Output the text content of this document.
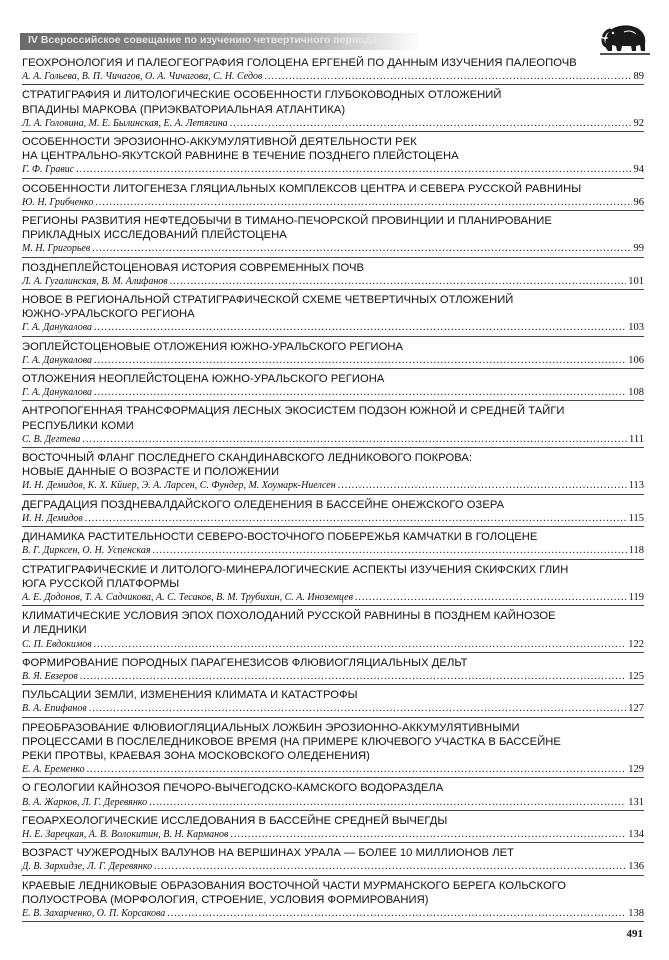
IV Всероссийское совещание по изучению четвертичного периода
ГЕОХРОНОЛОГИЯ И ПАЛЕОГЕОГРАФИЯ ГОЛОЦЕНА ЕРГЕНЕЙ ПО ДАННЫМ ИЗУЧЕНИЯ ПАЛЕОПОЧВ
А. А. Гольева, В. П. Чичагов, О. А. Чичагова, С. Н. Седов .....	89
СТРАТИГРАФИЯ И ЛИТОЛОГИЧЕСКИЕ ОСОБЕННОСТИ ГЛУБОКОВОДНЫХ ОТЛОЖЕНИЙ
ВПАДИНЫ МАРКОВА (ПРИЭКВАТОРИАЛЬНАЯ АТЛАНТИКА)
Л. А. Головина, М. Е. Былинская, Е. А. Летягина .....	92
ОСОБЕННОСТИ ЭРОЗИОННО-АККУМУЛЯТИВНОЙ ДЕЯТЕЛЬНОСТИ РЕК
НА ЦЕНТРАЛЬНО-ЯКУТСКОЙ РАВНИНЕ В ТЕЧЕНИЕ ПОЗДНЕГО ПЛЕЙСТОЦЕНА
Г. Ф. Гравис .....	94
ОСОБЕННОСТИ ЛИТОГЕНЕЗА ГЛЯЦИАЛЬНЫХ КОМПЛЕКСОВ ЦЕНТРА И СЕВЕРА РУССКОЙ РАВНИНЫ
Ю. Н. Грибченко .....	96
РЕГИОНЫ РАЗВИТИЯ НЕФТЕДОБЫЧИ В ТИМАНО-ПЕЧОРСКОЙ ПРОВИНЦИИ И ПЛАНИРОВАНИЕ
ПРИКЛАДНЫХ ИССЛЕДОВАНИЙ ПЛЕЙСТОЦЕНА
М. Н. Григорьев .....	99
ПОЗДНЕПЛЕЙСТОЦЕНОВАЯ ИСТОРИЯ СОВРЕМЕННЫХ ПОЧВ
Л. А. Гугалинская, В. М. Алифанов .....	101
НОВОЕ В РЕГИОНАЛЬНОЙ СТРАТИГРАФИЧЕСКОЙ СХЕМЕ ЧЕТВЕРТИЧНЫХ ОТЛОЖЕНИЙ
ЮЖНО-УРАЛЬСКОГО РЕГИОНА
Г. А. Данукалова .....	103
ЭОПЛЕЙСТОЦЕНОВЫЕ ОТЛОЖЕНИЯ ЮЖНО-УРАЛЬСКОГО РЕГИОНА
Г. А. Данукалова .....	106
ОТЛОЖЕНИЯ НЕОПЛЕЙСТОЦЕНА ЮЖНО-УРАЛЬСКОГО РЕГИОНА
Г. А. Данукалова .....	108
АНТРОПОГЕННАЯ ТРАНСФОРМАЦИЯ ЛЕСНЫХ ЭКОСИСТЕМ ПОДЗОН ЮЖНОЙ И СРЕДНЕЙ ТАЙГИ
РЕСПУБЛИКИ КОМИ
С. В. Дегтева .....	111
ВОСТОЧНЫЙ ФЛАНГ ПОСЛЕДНЕГО СКАНДИНАВСКОГО ЛЕДНИКОВОГО ПОКРОВА:
НОВЫЕ ДАННЫЕ О ВОЗРАСТЕ И ПОЛОЖЕНИИ
И. Н. Демидов, К. Х. Кйиер, Э. А. Ларсен, С. Фундер, М. Хоумарк-Ниелсен .....	113
ДЕГРАДАЦИЯ ПОЗДНЕВАЛДАЙСКОГО ОЛЕДЕНЕНИЯ В БАССЕЙНЕ ОНЕЖСКОГО ОЗЕРА
И. Н. Демидов .....	115
ДИНАМИКА РАСТИТЕЛЬНОСТИ СЕВЕРО-ВОСТОЧНОГО ПОБЕРЕЖЬЯ КАМЧАТКИ В ГОЛОЦЕНЕ
В. Г. Дирксен, О. Н. Успенская .....	118
СТРАТИГРАФИЧЕСКИЕ И ЛИТОЛОГО-МИНЕРАЛОГИЧЕСКИЕ АСПЕКТЫ ИЗУЧЕНИЯ СКИФСКИХ ГЛИН
ЮГА РУССКОЙ ПЛАТФОРМЫ
А. Е. Додонов, Т. А. Садчикова, А. С. Тесаков, В. М. Трубихин, С. А. Иноземцев .....	119
КЛИМАТИЧЕСКИЕ УСЛОВИЯ ЭПОХ ПОХОЛОДАНИЙ РУССКОЙ РАВНИНЫ В ПОЗДНЕМ КАЙНОЗОЕ
И ЛЕДНИКИ
С. П. Евдокимов .....	122
ФОРМИРОВАНИЕ ПОРОДНЫХ ПАРАГЕНЕЗИСОВ ФЛЮВИОГЛЯЦИАЛЬНЫХ ДЕЛЬТ
В. Я. Евзеров .....	125
ПУЛЬСАЦИИ ЗЕМЛИ, ИЗМЕНЕНИЯ КЛИМАТА И КАТАСТРОФЫ
В. А. Епифанов .....	127
ПРЕОБРАЗОВАНИЕ ФЛЮВИОГЛЯЦИАЛЬНЫХ ЛОЖБИН ЭРОЗИОННО-АККУМУЛЯТИВНЫМИ
ПРОЦЕССАМИ В ПОСЛЕЛЕДНИКОВОЕ ВРЕМЯ (НА ПРИМЕРЕ КЛЮЧЕВОГО УЧАСТКА В БАССЕЙНЕ
РЕКИ ПРОТВЫ, КРАЕВАЯ ЗОНА МОСКОВСКОГО ОЛЕДЕНЕНИЯ)
Е. А. Еременко .....	129
О ГЕОЛОГИИ КАЙНОЗОЯ ПЕЧОРО-ВЫЧЕГОДСКО-КАМСКОГО ВОДОРАЗДЕЛА
В. А. Жарков, Л. Г. Деревянко .....	131
ГЕОАРХЕОЛОГИЧЕСКИЕ ИССЛЕДОВАНИЯ В БАССЕЙНЕ СРЕДНЕЙ ВЫЧЕГДЫ
Н. Е. Зарецкая, А. В. Волокитин, В. Н. Карманов .....	134
ВОЗРАСТ ЧУЖЕРОДНЫХ ВАЛУНОВ НА ВЕРШИНАХ УРАЛА — БОЛЕЕ 10 МИЛЛИОНОВ ЛЕТ
Д. В. Зархидзе, Л. Г. Деревянко .....	136
КРАЕВЫЕ ЛЕДНИКОВЫЕ ОБРАЗОВАНИЯ ВОСТОЧНОЙ ЧАСТИ МУРМАНСКОГО БЕРЕГА КОЛЬСКОГО
ПОЛУОСТРОВА (МОРФОЛОГИЯ, СТРОЕНИЕ, УСЛОВИЯ ФОРМИРОВАНИЯ)
Е. В. Захарченко, О. П. Корсакова .....	138
491
